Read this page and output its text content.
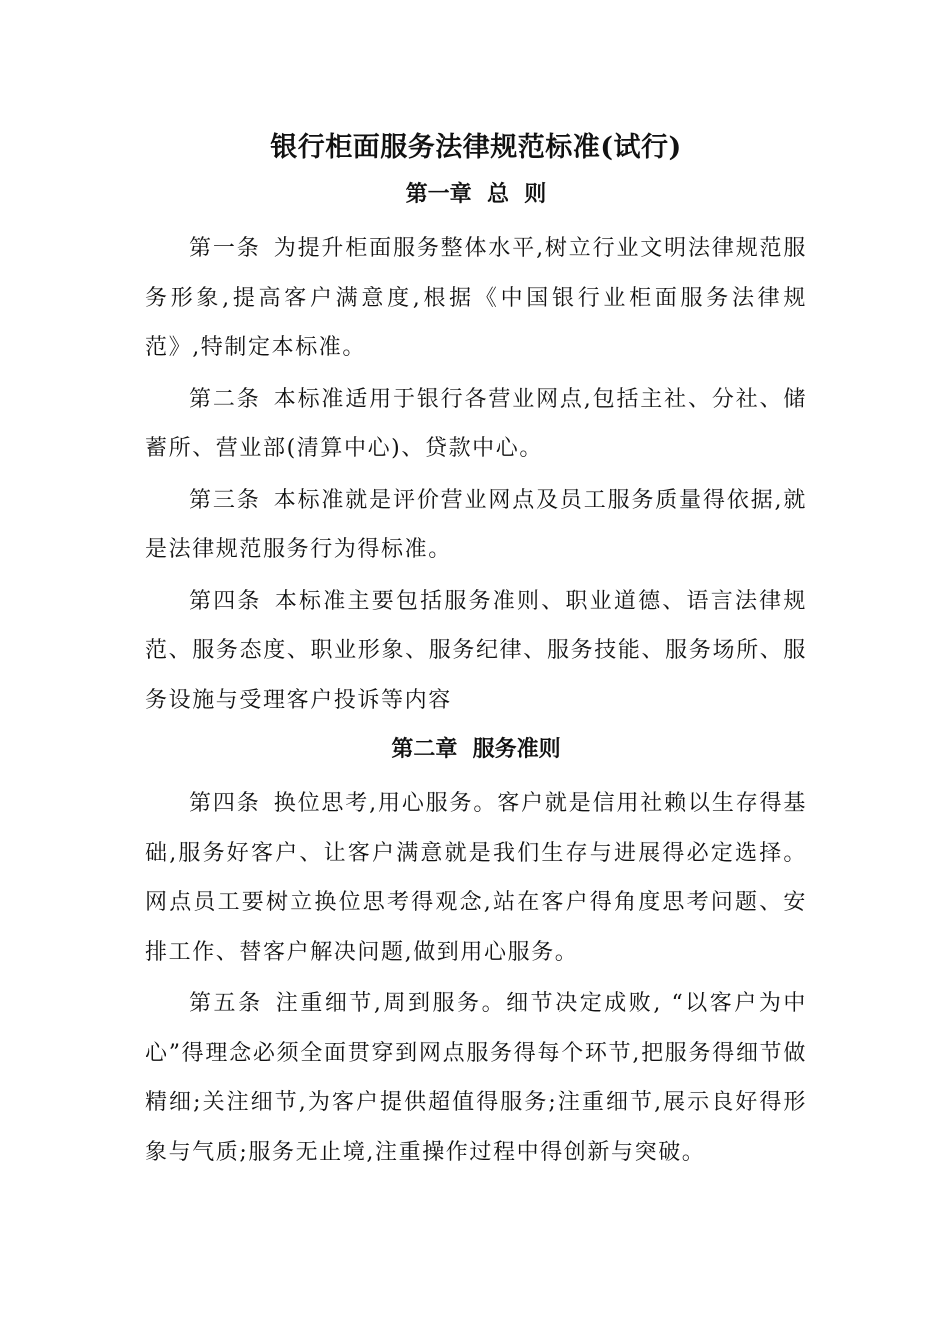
银行柜面服务法律规范标准(试行)
第一章  总  则

第一条 为提升柜面服务整体水平,树立行业文明法律规范服务形象,提高客户满意度,根据《中国银行业柜面服务法律规范》,特制定本标准。

第二条 本标准适用于银行各营业网点,包括主社、分社、储蓄所、营业部(清算中心)、贷款中心。

第三条 本标准就是评价营业网点及员工服务质量得依据,就是法律规范服务行为得标准。

第四条 本标准主要包括服务准则、职业道德、语言法律规范、服务态度、职业形象、服务纪律、服务技能、服务场所、服务设施与受理客户投诉等内容

第二章  服务准则

第四条 换位思考,用心服务。客户就是信用社赖以生存得基础,服务好客户、让客户满意就是我们生存与进展得必定选择。网点员工要树立换位思考得观念,站在客户得角度思考问题、安排工作、替客户解决问题,做到用心服务。

第五条 注重细节,周到服务。细节决定成败, “以客户为中心”得理念必须全面贯穿到网点服务得每个环节,把服务得细节做精细;关注细节,为客户提供超值得服务;注重细节,展示良好得形象与气质;服务无止境,注重操作过程中得创新与突破。
